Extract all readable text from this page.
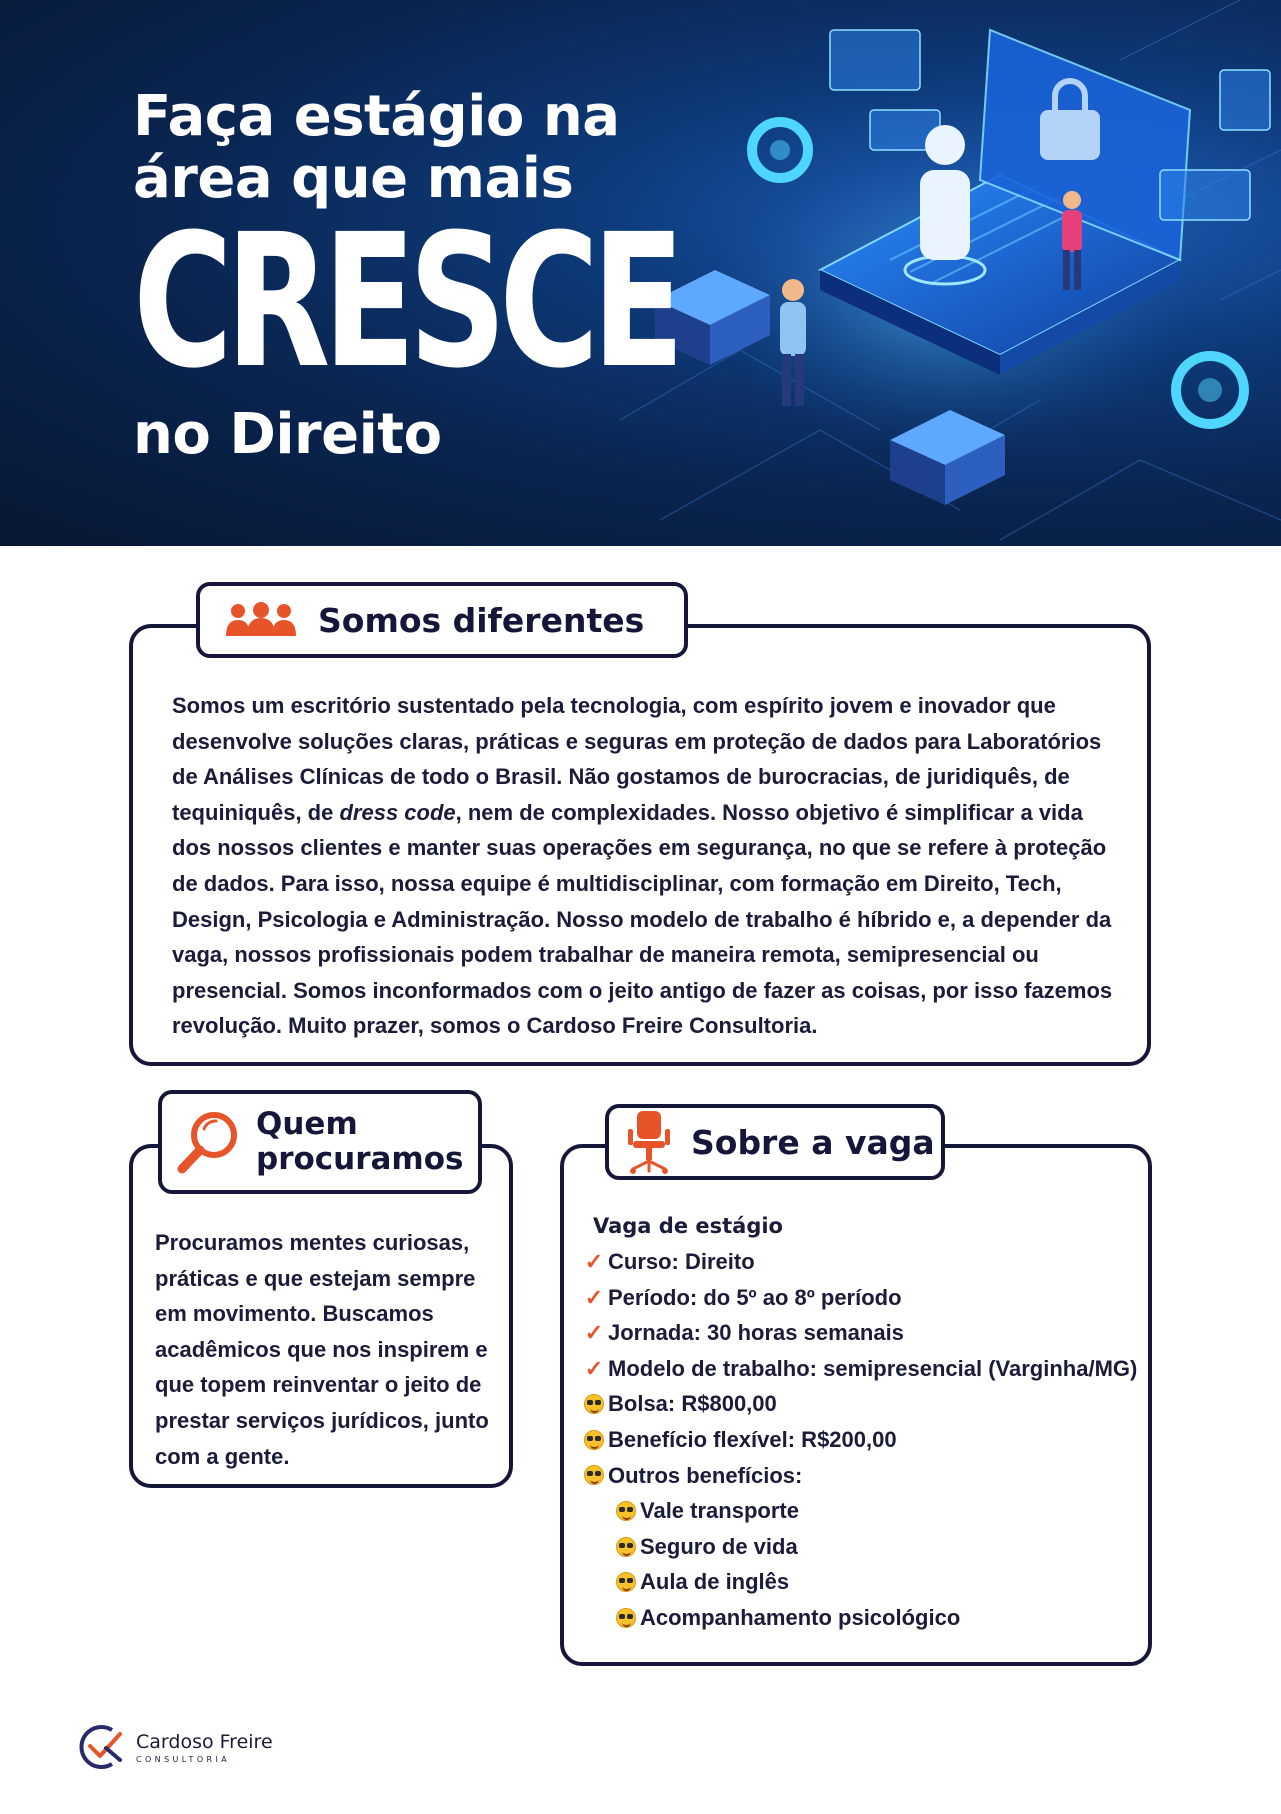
Faça estágio na
área que mais
CRESCE
no Direito
Somos diferentes

Somos um escritório sustentado pela tecnologia, com espírito jovem e inovador que desenvolve soluções claras, práticas e seguras em proteção de dados para Laboratórios de Análises Clínicas de todo o Brasil. Não gostamos de burocracias, de juridiquês, de tequiniquês, de dress code, nem de complexidades. Nosso objetivo é simplificar a vida dos nossos clientes e manter suas operações em segurança, no que se refere à proteção de dados. Para isso, nossa equipe é multidisciplinar, com formação em Direito, Tech, Design, Psicologia e Administração. Nosso modelo de trabalho é híbrido e, a depender da vaga, nossos profissionais podem trabalhar de maneira remota, semipresencial ou presencial. Somos inconformados com o jeito antigo de fazer as coisas, por isso fazemos revolução. Muito prazer, somos o Cardoso Freire Consultoria.

Quem
procuramos

Procuramos mentes curiosas, práticas e que estejam sempre em movimento. Buscamos acadêmicos que nos inspirem e que topem reinventar o jeito de prestar serviços jurídicos, junto com a gente.

Sobre a vaga
Vaga de estágio
✓ Curso: Direito
✓ Período: do 5º ao 8º período
✓ Jornada: 30 horas semanais
✓ Modelo de trabalho: semipresencial (Varginha/MG)
Bolsa: R$800,00
Benefício flexível: R$200,00
Outros benefícios:
Vale transporte
Seguro de vida
Aula de inglês
Acompanhamento psicológico
Cardoso Freire
CONSULTORIA
